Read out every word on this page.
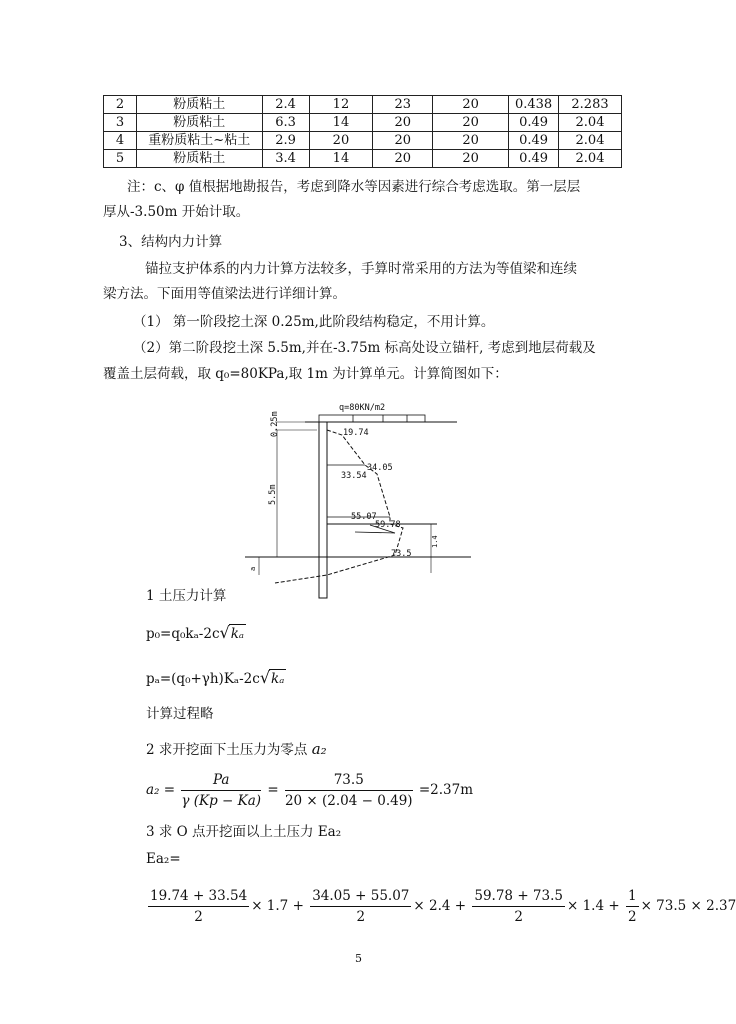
2	粉质粘土	2.4	12	23	20	0.438	2.283
3	粉质粘土	6.3	14	20	20	0.49	2.04
4	重粉质粘土~粘土	2.9	20	20	20	0.49	2.04
5	粉质粘土	3.4	14	20	20	0.49	2.04
注：c、φ 值根据地勘报告，考虑到降水等因素进行综合考虑选取。第一层层
厚从-3.50m 开始计取。
3、结构内力计算
锚拉支护体系的内力计算方法较多，手算时常采用的方法为等值梁和连续
梁方法。下面用等值梁法进行详细计算。
（1） 第一阶段挖土深 0.25m,此阶段结构稳定，不用计算。
（2）第二阶段挖土深 5.5m,并在-3.75m 标高处设立锚杆, 考虑到地层荷载及
覆盖土层荷载，取 q₀=80KPa,取 1m 为计算单元。计算简图如下：
q=80KN/m2
0.25m
5.5m
a
1.4
19.74
34.05
33.54
55.07
59.78
73.5
1 土压力计算
p₀=q₀kₐ-2c√kₐ
pₐ=(q₀+γh)Kₐ-2c√kₐ
计算过程略
2 求开挖面下土压力为零点 a₂
$a_2 = \frac{Pa}{\gamma (Kp - Ka)} = \frac{73.5}{20 \times (2.04 - 0.49)} =2.37m$
3 求 O 点开挖面以上土压力 Ea₂
Ea₂=
$\frac{19.74 + 33.54}{2} \times 1.7 + \frac{34.05 + 55.07}{2} \times 2.4 + \frac{59.78 + 73.5}{2} \times 1.4 + \frac{1}{2} \times 73.5 \times 2.37$
5
